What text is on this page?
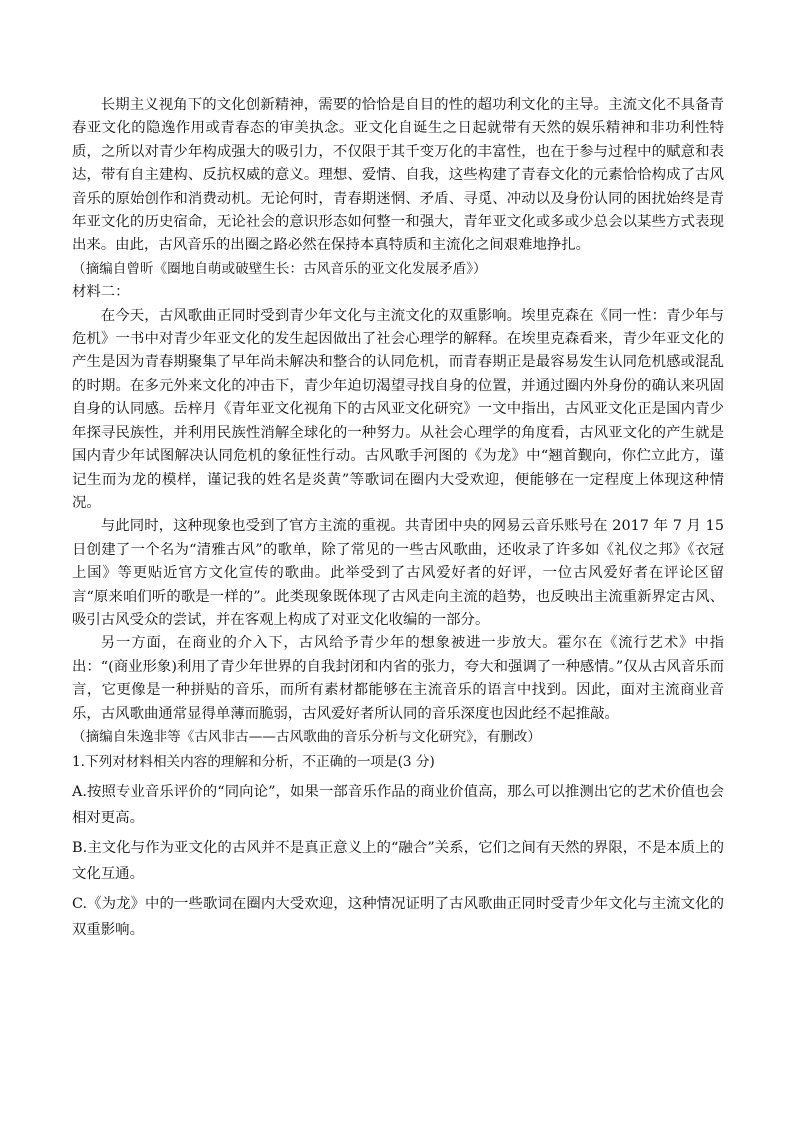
长期主义视角下的文化创新精神，需要的恰恰是自目的性的超功利文化的主导。主流文化不具备青春亚文化的隐逸作用或青春态的审美执念。亚文化自诞生之日起就带有天然的娱乐精神和非功利性特质，之所以对青少年构成强大的吸引力，不仅限于其千变万化的丰富性，也在于参与过程中的赋意和表达，带有自主建构、反抗权威的意义。理想、爱情、自我，这些构建了青春文化的元素恰恰构成了古风音乐的原始创作和消费动机。无论何时，青春期迷惘、矛盾、寻觅、冲动以及身份认同的困扰始终是青年亚文化的历史宿命，无论社会的意识形态如何整一和强大，青年亚文化或多或少总会以某些方式表现出来。由此，古风音乐的出圈之路必然在保持本真特质和主流化之间艰难地挣扎。

（摘编自曾昕《圈地自萌或破壁生长：古风音乐的亚文化发展矛盾》）

材料二：

在今天，古风歌曲正同时受到青少年文化与主流文化的双重影响。埃里克森在《同一性：青少年与危机》一书中对青少年亚文化的发生起因做出了社会心理学的解释。在埃里克森看来，青少年亚文化的产生是因为青春期聚集了早年尚未解决和整合的认同危机，而青春期正是最容易发生认同危机感或混乱的时期。在多元外来文化的冲击下，青少年迫切渴望寻找自身的位置，并通过圈内外身份的确认来巩固自身的认同感。岳梓月《青年亚文化视角下的古风亚文化研究》一文中指出，古风亚文化正是国内青少年探寻民族性，并利用民族性消解全球化的一种努力。从社会心理学的角度看，古风亚文化的产生就是国内青少年试图解决认同危机的象征性行动。古风歌手河图的《为龙》中“翘首觐向，你伫立此方，谨记生而为龙的模样，谨记我的姓名是炎黄”等歌词在圈内大受欢迎，便能够在一定程度上体现这种情况。

与此同时，这种现象也受到了官方主流的重视。共青团中央的网易云音乐账号在 2017 年 7 月 15 日创建了一个名为“清雅古风”的歌单，除了常见的一些古风歌曲，还收录了许多如《礼仪之邦》《衣冠上国》等更贴近官方文化宣传的歌曲。此举受到了古风爱好者的好评，一位古风爱好者在评论区留言“原来咱们听的歌是一样的”。此类现象既体现了古风走向主流的趋势，也反映出主流重新界定古风、吸引古风受众的尝试，并在客观上构成了对亚文化收编的一部分。

另一方面，在商业的介入下，古风给予青少年的想象被进一步放大。霍尔在《流行艺术》中指出：“(商业形象)利用了青少年世界的自我封闭和内省的张力，夸大和强调了一种感情。”仅从古风音乐而言，它更像是一种拼贴的音乐，而所有素材都能够在主流音乐的语言中找到。因此，面对主流商业音乐，古风歌曲通常显得单薄而脆弱，古风爱好者所认同的音乐深度也因此经不起推敲。

（摘编自朱逸非等《古风非古——古风歌曲的音乐分析与文化研究》，有删改）

1.下列对材料相关内容的理解和分析，不正确的一项是(3 分)

A.按照专业音乐评价的“同向论”，如果一部音乐作品的商业价值高，那么可以推测出它的艺术价值也会相对更高。

B.主文化与作为亚文化的古风并不是真正意义上的“融合”关系，它们之间有天然的界限，不是本质上的文化互通。

C.《为龙》中的一些歌词在圈内大受欢迎，这种情况证明了古风歌曲正同时受青少年文化与主流文化的双重影响。
